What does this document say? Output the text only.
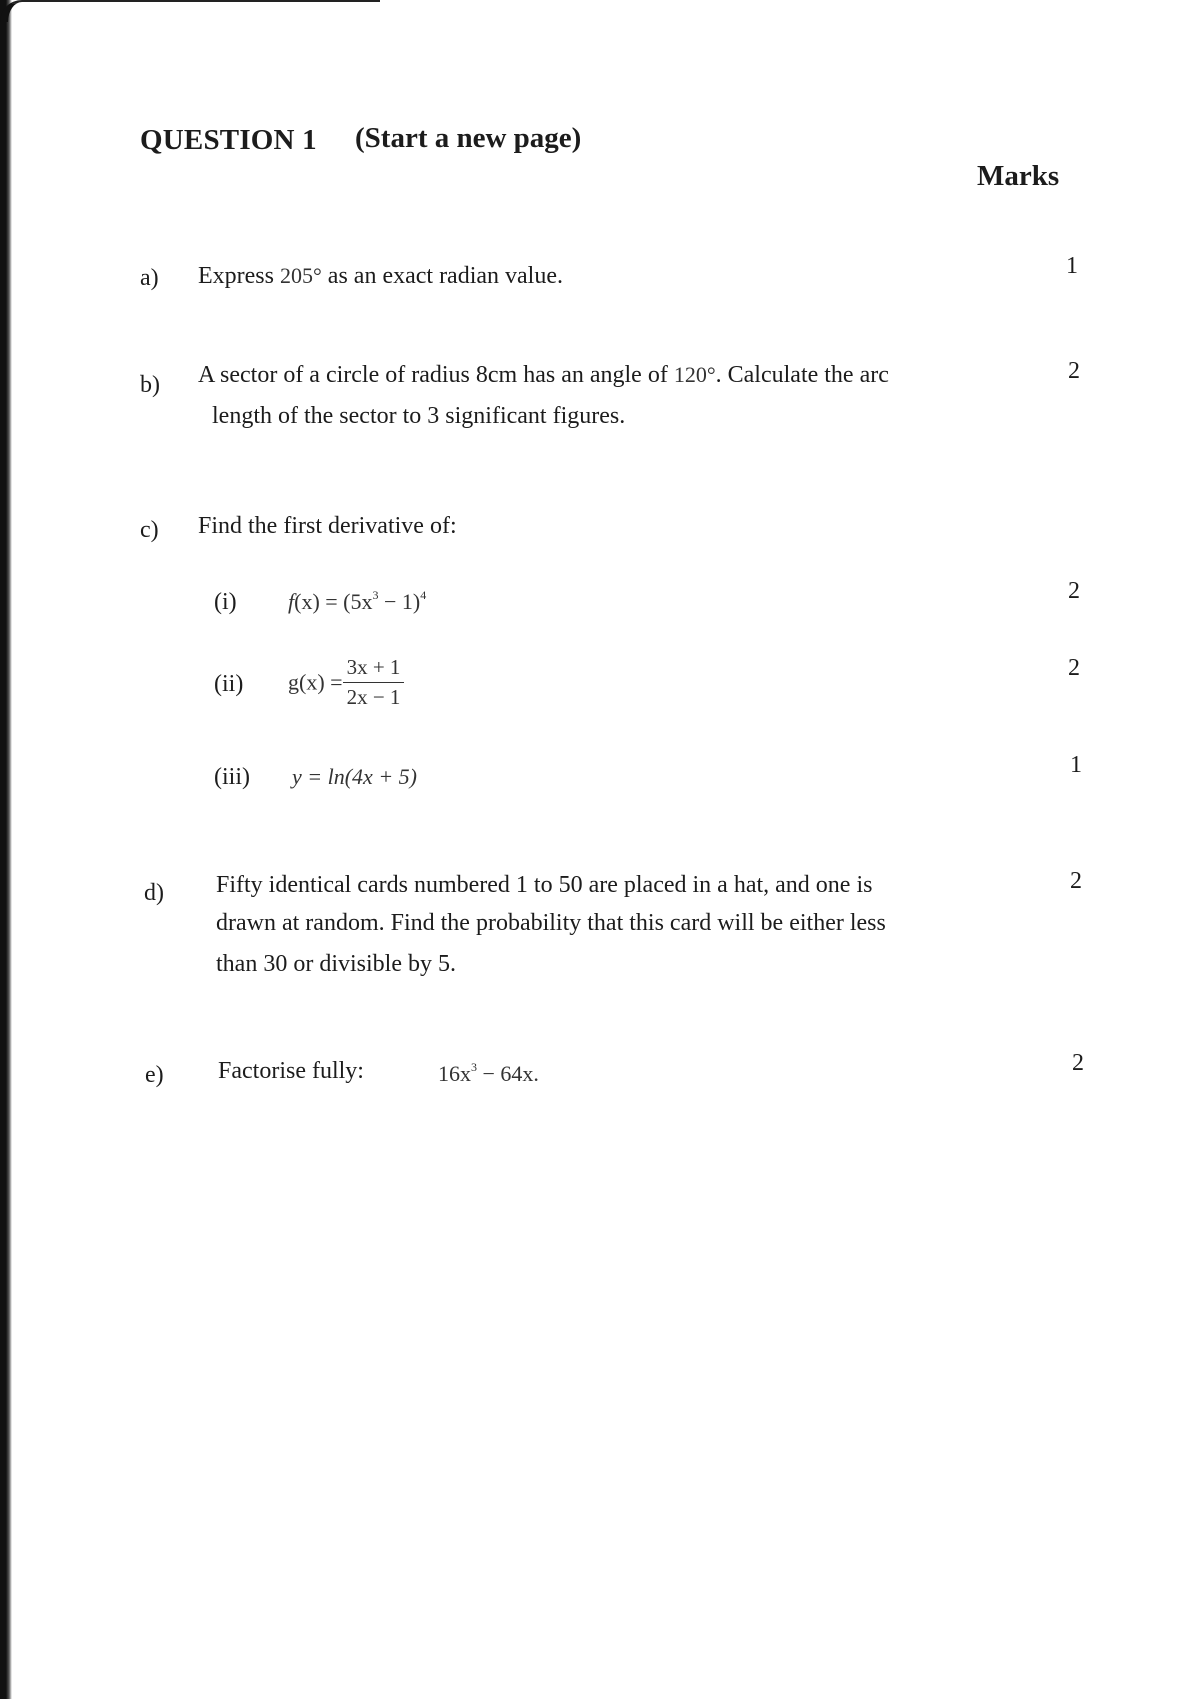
QUESTION 1 (Start a new page)
Marks
a) Express 205° as an exact radian value.	1
b) A sector of a circle of radius 8cm has an angle of 120°. Calculate the arc
length of the sector to 3 significant figures.
2
c) Find the first derivative of:
(i) $f(x) = (5x^3 - 1)^4$	2
(ii) $g(x) = \frac{3x + 1}{2x - 1}$	2
(iii) y = ln(4x + 5)	1
d) Fifty identical cards numbered 1 to 50 are placed in a hat, and one is
drawn at random. Find the probability that this card will be either less
than 30 or divisible by 5.
2
e) Factorise fully:	$16x^3 - 64x$.	2
